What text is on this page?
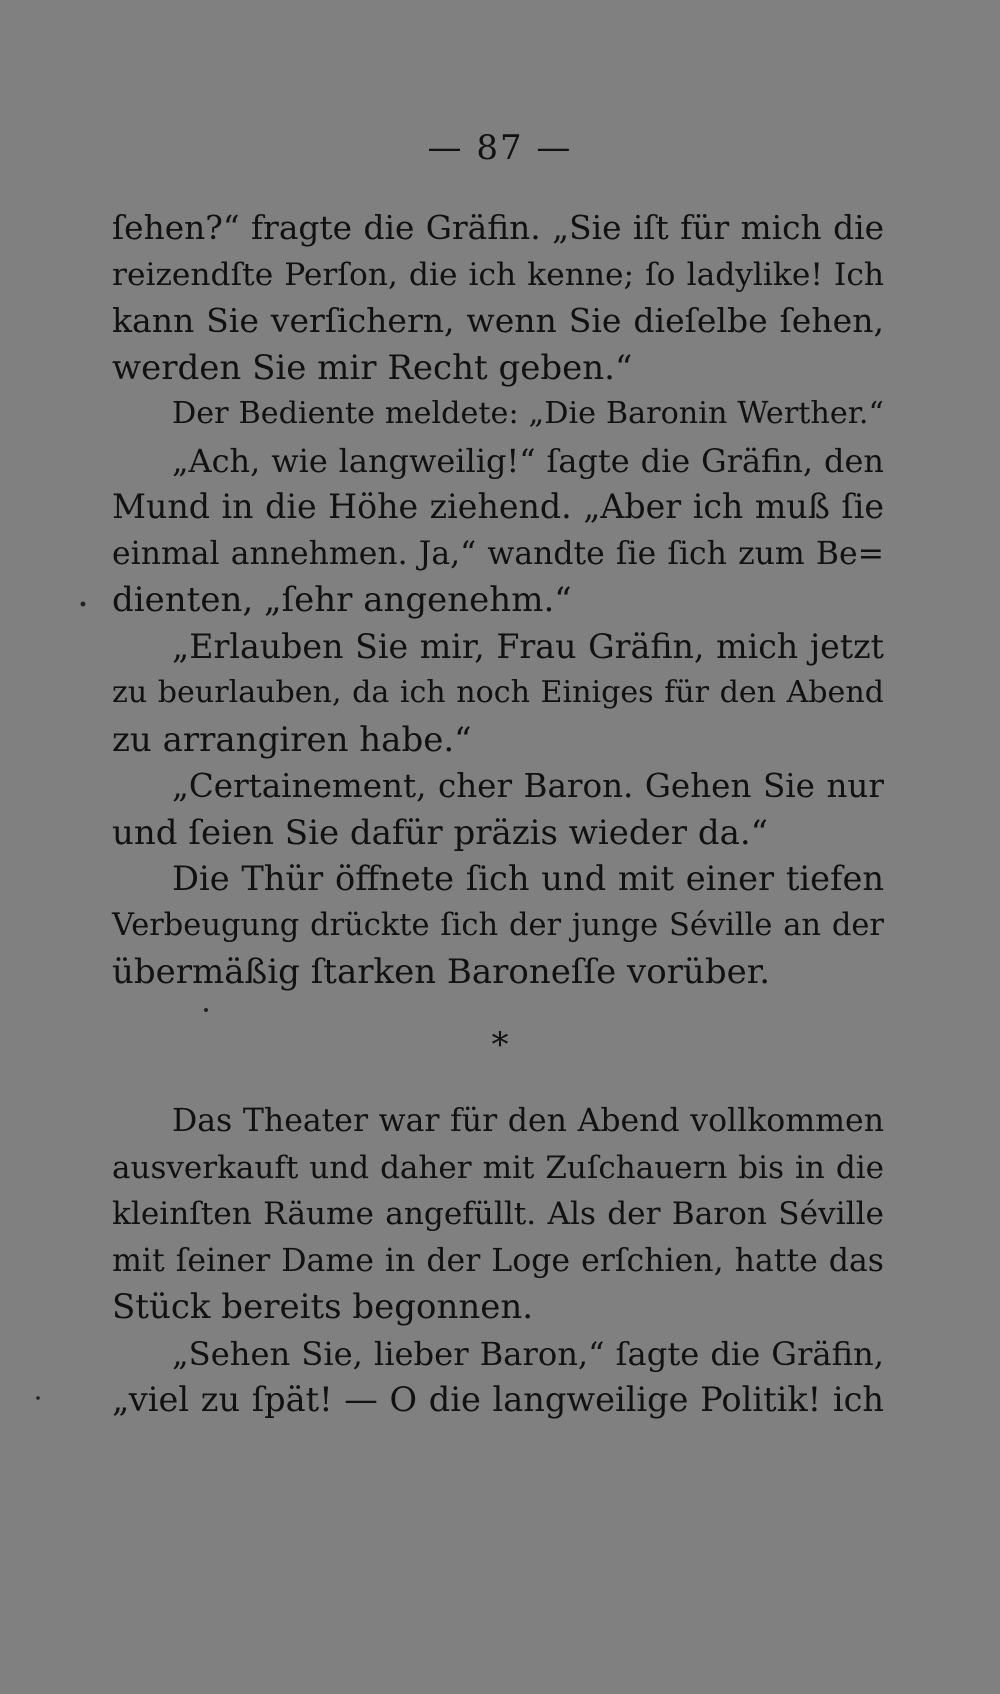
— 87 —
ſehen?“ fragte die Gräfin. „Sie iſt für mich die
reizendſte Perſon, die ich kenne; ſo ladylike! Ich
kann Sie verſichern, wenn Sie dieſelbe ſehen,
werden Sie mir Recht geben.“
Der Bediente meldete: „Die Baronin Werther.“
„Ach, wie langweilig!“ ſagte die Gräfin, den
Mund in die Höhe ziehend. „Aber ich muß ſie
einmal annehmen. Ja,“ wandte ſie ſich zum Be=
dienten, „ſehr angenehm.“
„Erlauben Sie mir, Frau Gräfin, mich jetzt
zu beurlauben, da ich noch Einiges für den Abend
zu arrangiren habe.“
„Certainement, cher Baron. Gehen Sie nur
und ſeien Sie dafür präzis wieder da.“
Die Thür öffnete ſich und mit einer tiefen
Verbeugung drückte ſich der junge Séville an der
übermäßig ſtarken Baroneſſe vorüber.
*
Das Theater war für den Abend vollkommen
ausverkauft und daher mit Zuſchauern bis in die
kleinſten Räume angefüllt. Als der Baron Séville
mit ſeiner Dame in der Loge erſchien, hatte das
Stück bereits begonnen.
„Sehen Sie, lieber Baron,“ ſagte die Gräfin,
„viel zu ſpät! — O die langweilige Politik! ich
